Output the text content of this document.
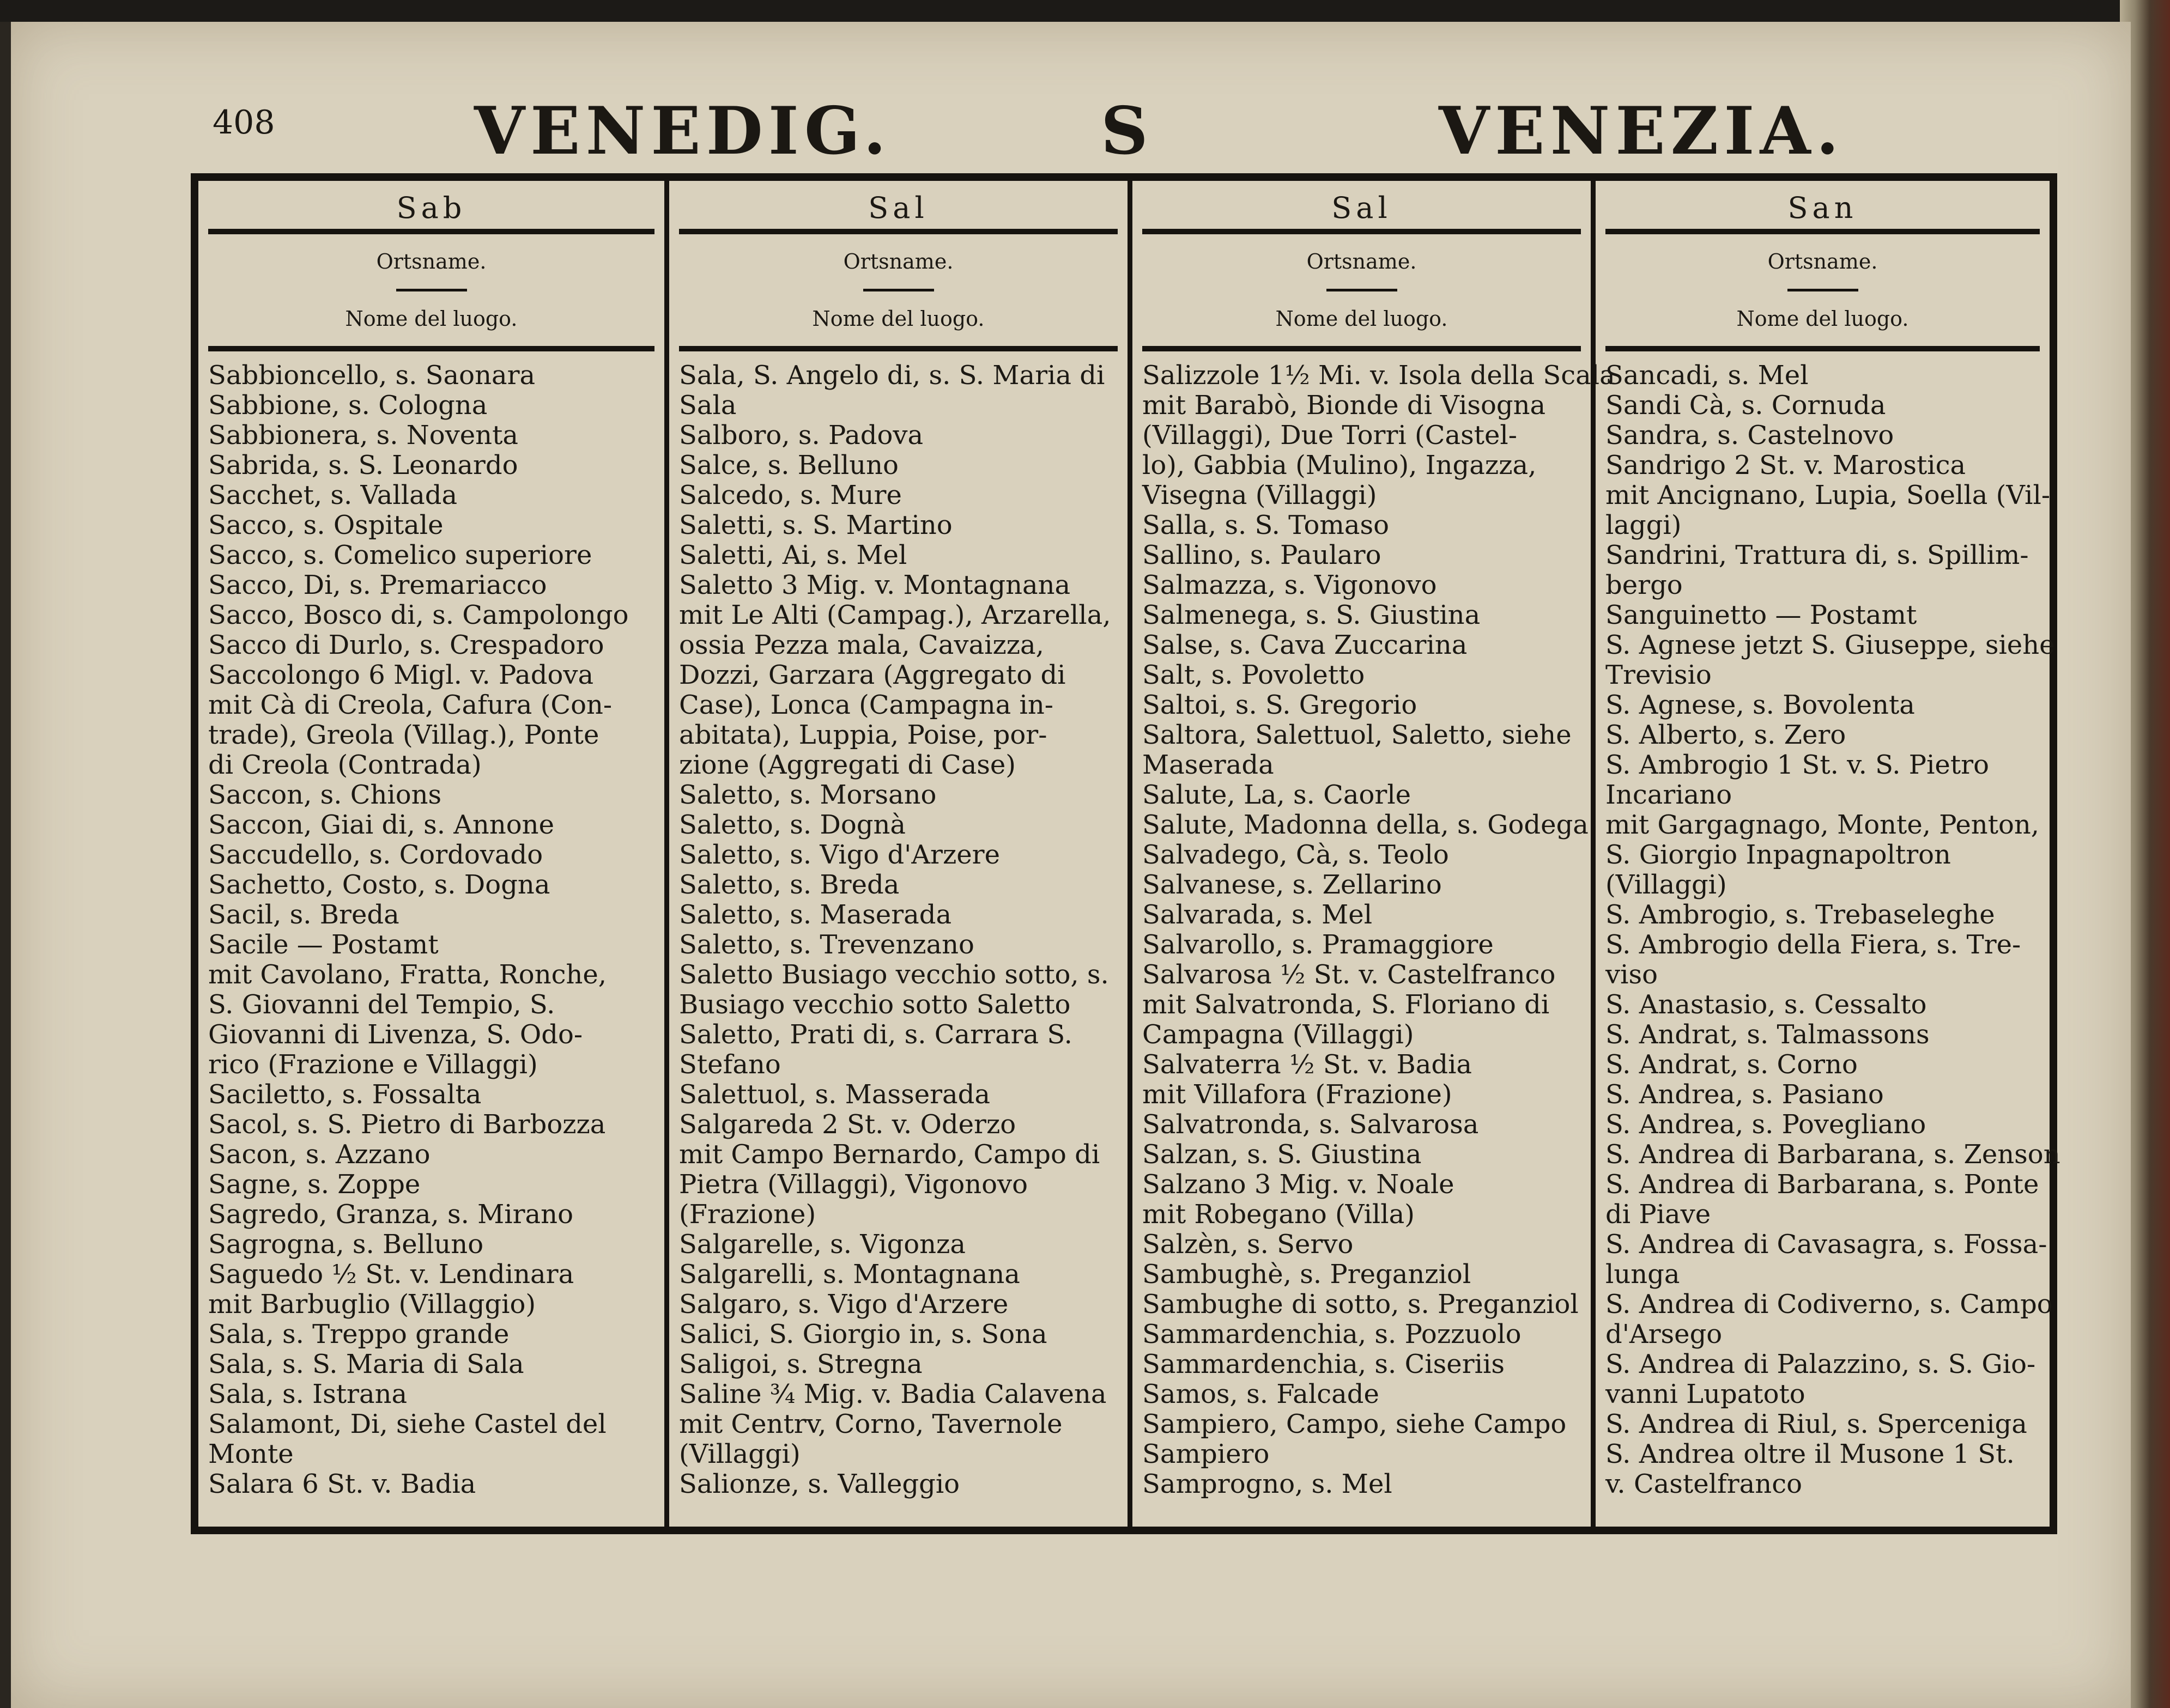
408	VENEDIG.	S	VENEZIA.
Sab
Ortsname.
Nome del luogo.
Sabbioncello, s. Saonara
Sabbione, s. Cologna
Sabbionera, s. Noventa
Sabrida, s. S. Leonardo
Sacchet, s. Vallada
Sacco, s. Ospitale
Sacco, s. Comelico superiore
Sacco, Di, s. Premariacco
Sacco, Bosco di, s. Campolongo
Sacco di Durlo, s. Crespadoro
Saccolongo 6 Migl. v. Padova
mit Cà di Creola, Cafura (Con-
trade), Greola (Villag.), Ponte
di Creola (Contrada)
Saccon, s. Chions
Saccon, Giai di, s. Annone
Saccudello, s. Cordovado
Sachetto, Costo, s. Dogna
Sacil, s. Breda
Sacile — Postamt
mit Cavolano, Fratta, Ronche,
S. Giovanni del Tempio, S.
Giovanni di Livenza, S. Odo-
rico (Frazione e Villaggi)
Saciletto, s. Fossalta
Sacol, s. S. Pietro di Barbozza
Sacon, s. Azzano
Sagne, s. Zoppe
Sagredo, Granza, s. Mirano
Sagrogna, s. Belluno
Saguedo ½ St. v. Lendinara
mit Barbuglio (Villaggio)
Sala, s. Treppo grande
Sala, s. S. Maria di Sala
Sala, s. Istrana
Salamont, Di, siehe Castel del
Monte
Salara 6 St. v. Badia
Sal
Ortsname.
Nome del luogo.
Sala, S. Angelo di, s. S. Maria di
Sala
Salboro, s. Padova
Salce, s. Belluno
Salcedo, s. Mure
Saletti, s. S. Martino
Saletti, Ai, s. Mel
Saletto 3 Mig. v. Montagnana
mit Le Alti (Campag.), Arzarella,
ossia Pezza mala, Cavaizza,
Dozzi, Garzara (Aggregato di
Case), Lonca (Campagna in-
abitata), Luppia, Poise, por-
zione (Aggregati di Case)
Saletto, s. Morsano
Saletto, s. Dognà
Saletto, s. Vigo d'Arzere
Saletto, s. Breda
Saletto, s. Maserada
Saletto, s. Trevenzano
Saletto Busiago vecchio sotto, s.
Busiago vecchio sotto Saletto
Saletto, Prati di, s. Carrara S.
Stefano
Salettuol, s. Masserada
Salgareda 2 St. v. Oderzo
mit Campo Bernardo, Campo di
Pietra (Villaggi), Vigonovo
(Frazione)
Salgarelle, s. Vigonza
Salgarelli, s. Montagnana
Salgaro, s. Vigo d'Arzere
Salici, S. Giorgio in, s. Sona
Saligoi, s. Stregna
Saline ¾ Mig. v. Badia Calavena
mit Centrv, Corno, Tavernole
(Villaggi)
Salionze, s. Valleggio
Sal
Ortsname.
Nome del luogo.
Salizzole 1½ Mi. v. Isola della Scala
mit Barabò, Bionde di Visogna
(Villaggi), Due Torri (Castel-
lo), Gabbia (Mulino), Ingazza,
Visegna (Villaggi)
Salla, s. S. Tomaso
Sallino, s. Paularo
Salmazza, s. Vigonovo
Salmenega, s. S. Giustina
Salse, s. Cava Zuccarina
Salt, s. Povoletto
Saltoi, s. S. Gregorio
Saltora, Salettuol, Saletto, siehe
Maserada
Salute, La, s. Caorle
Salute, Madonna della, s. Godega
Salvadego, Cà, s. Teolo
Salvanese, s. Zellarino
Salvarada, s. Mel
Salvarollo, s. Pramaggiore
Salvarosa ½ St. v. Castelfranco
mit Salvatronda, S. Floriano di
Campagna (Villaggi)
Salvaterra ½ St. v. Badia
mit Villafora (Frazione)
Salvatronda, s. Salvarosa
Salzan, s. S. Giustina
Salzano 3 Mig. v. Noale
mit Robegano (Villa)
Salzèn, s. Servo
Sambughè, s. Preganziol
Sambughe di sotto, s. Preganziol
Sammardenchia, s. Pozzuolo
Sammardenchia, s. Ciseriis
Samos, s. Falcade
Sampiero, Campo, siehe Campo
Sampiero
Samprogno, s. Mel
San
Ortsname.
Nome del luogo.
Sancadi, s. Mel
Sandi Cà, s. Cornuda
Sandra, s. Castelnovo
Sandrigo 2 St. v. Marostica
mit Ancignano, Lupia, Soella (Vil-
laggi)
Sandrini, Trattura di, s. Spillim-
bergo
Sanguinetto — Postamt
S. Agnese jetzt S. Giuseppe, siehe
Trevisio
S. Agnese, s. Bovolenta
S. Alberto, s. Zero
S. Ambrogio 1 St. v. S. Pietro
Incariano
mit Gargagnago, Monte, Penton,
S. Giorgio Inpagnapoltron
(Villaggi)
S. Ambrogio, s. Trebaseleghe
S. Ambrogio della Fiera, s. Tre-
viso
S. Anastasio, s. Cessalto
S. Andrat, s. Talmassons
S. Andrat, s. Corno
S. Andrea, s. Pasiano
S. Andrea, s. Povegliano
S. Andrea di Barbarana, s. Zenson
S. Andrea di Barbarana, s. Ponte
di Piave
S. Andrea di Cavasagra, s. Fossa-
lunga
S. Andrea di Codiverno, s. Campo
d'Arsego
S. Andrea di Palazzino, s. S. Gio-
vanni Lupatoto
S. Andrea di Riul, s. Sperceniga
S. Andrea oltre il Musone 1 St.
v. Castelfranco
